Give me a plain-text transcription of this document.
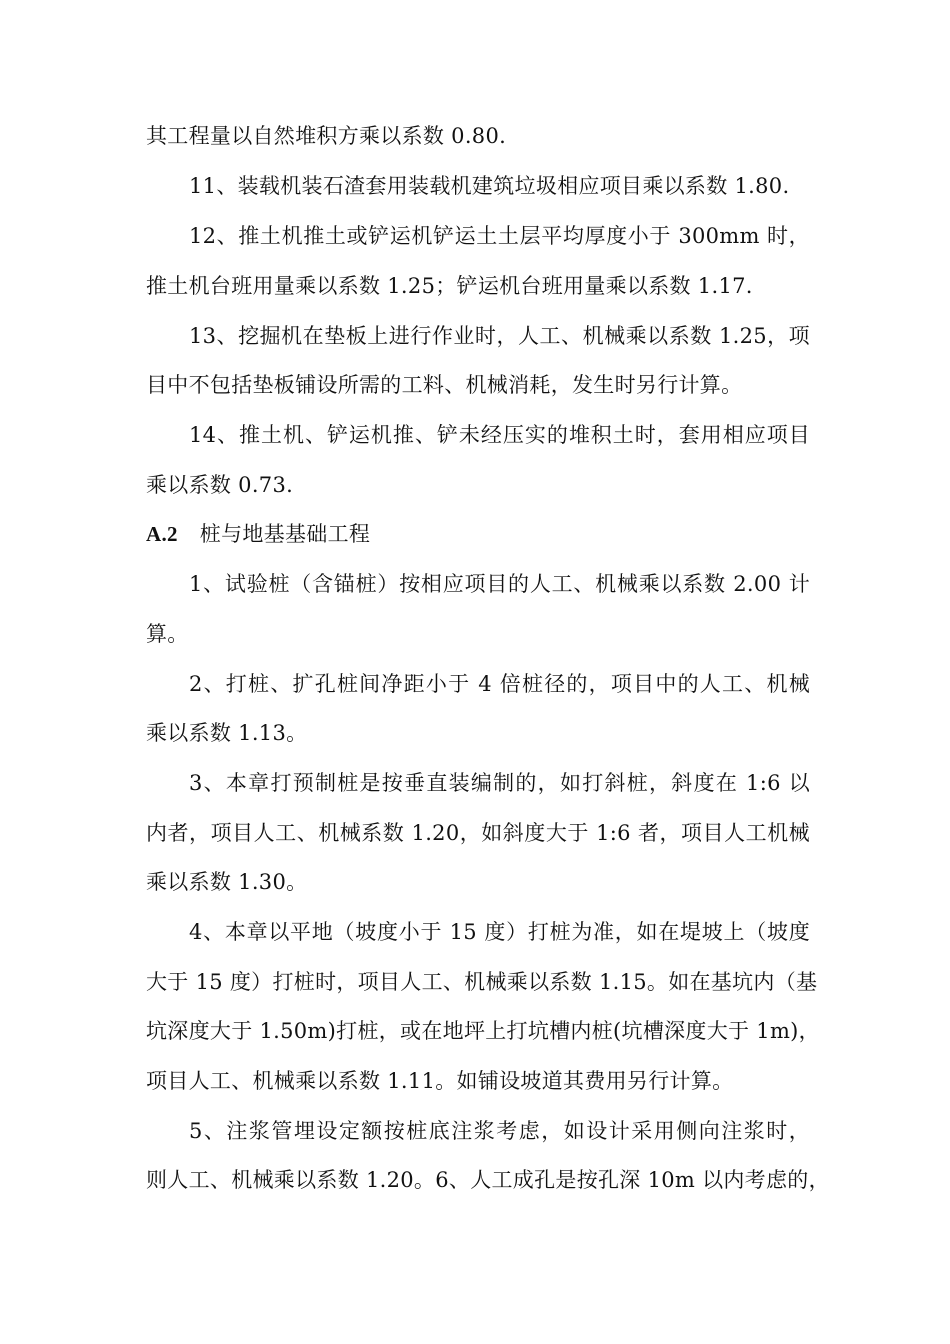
其工程量以自然堆积方乘以系数 0.80.

11、装载机装石渣套用装载机建筑垃圾相应项目乘以系数 1.80.

12、推土机推土或铲运机铲运土土层平均厚度小于 300mm 时，

推土机台班用量乘以系数 1.25；铲运机台班用量乘以系数 1.17.

13、挖掘机在垫板上进行作业时，人工、机械乘以系数 1.25，项

目中不包括垫板铺设所需的工料、机械消耗，发生时另行计算。

14、推土机、铲运机推、铲未经压实的堆积土时，套用相应项目

乘以系数 0.73.

A.2 桩与地基基础工程

1、试验桩（含锚桩）按相应项目的人工、机械乘以系数 2.00 计

算。

2、打桩、扩孔桩间净距小于 4 倍桩径的，项目中的人工、机械

乘以系数 1.13。

3、本章打预制桩是按垂直装编制的，如打斜桩，斜度在 1:6 以

内者，项目人工、机械系数 1.20，如斜度大于 1:6 者，项目人工机械

乘以系数 1.30。

4、本章以平地（坡度小于 15 度）打桩为准，如在堤坡上（坡度

大于 15 度）打桩时，项目人工、机械乘以系数 1.15。如在基坑内（基

坑深度大于 1.50m)打桩，或在地坪上打坑槽内桩(坑槽深度大于 1m)，

项目人工、机械乘以系数 1.11。如铺设坡道其费用另行计算。

5、注浆管埋设定额按桩底注浆考虑，如设计采用侧向注浆时，

则人工、机械乘以系数 1.20。6、人工成孔是按孔深 10m 以内考虑的，
